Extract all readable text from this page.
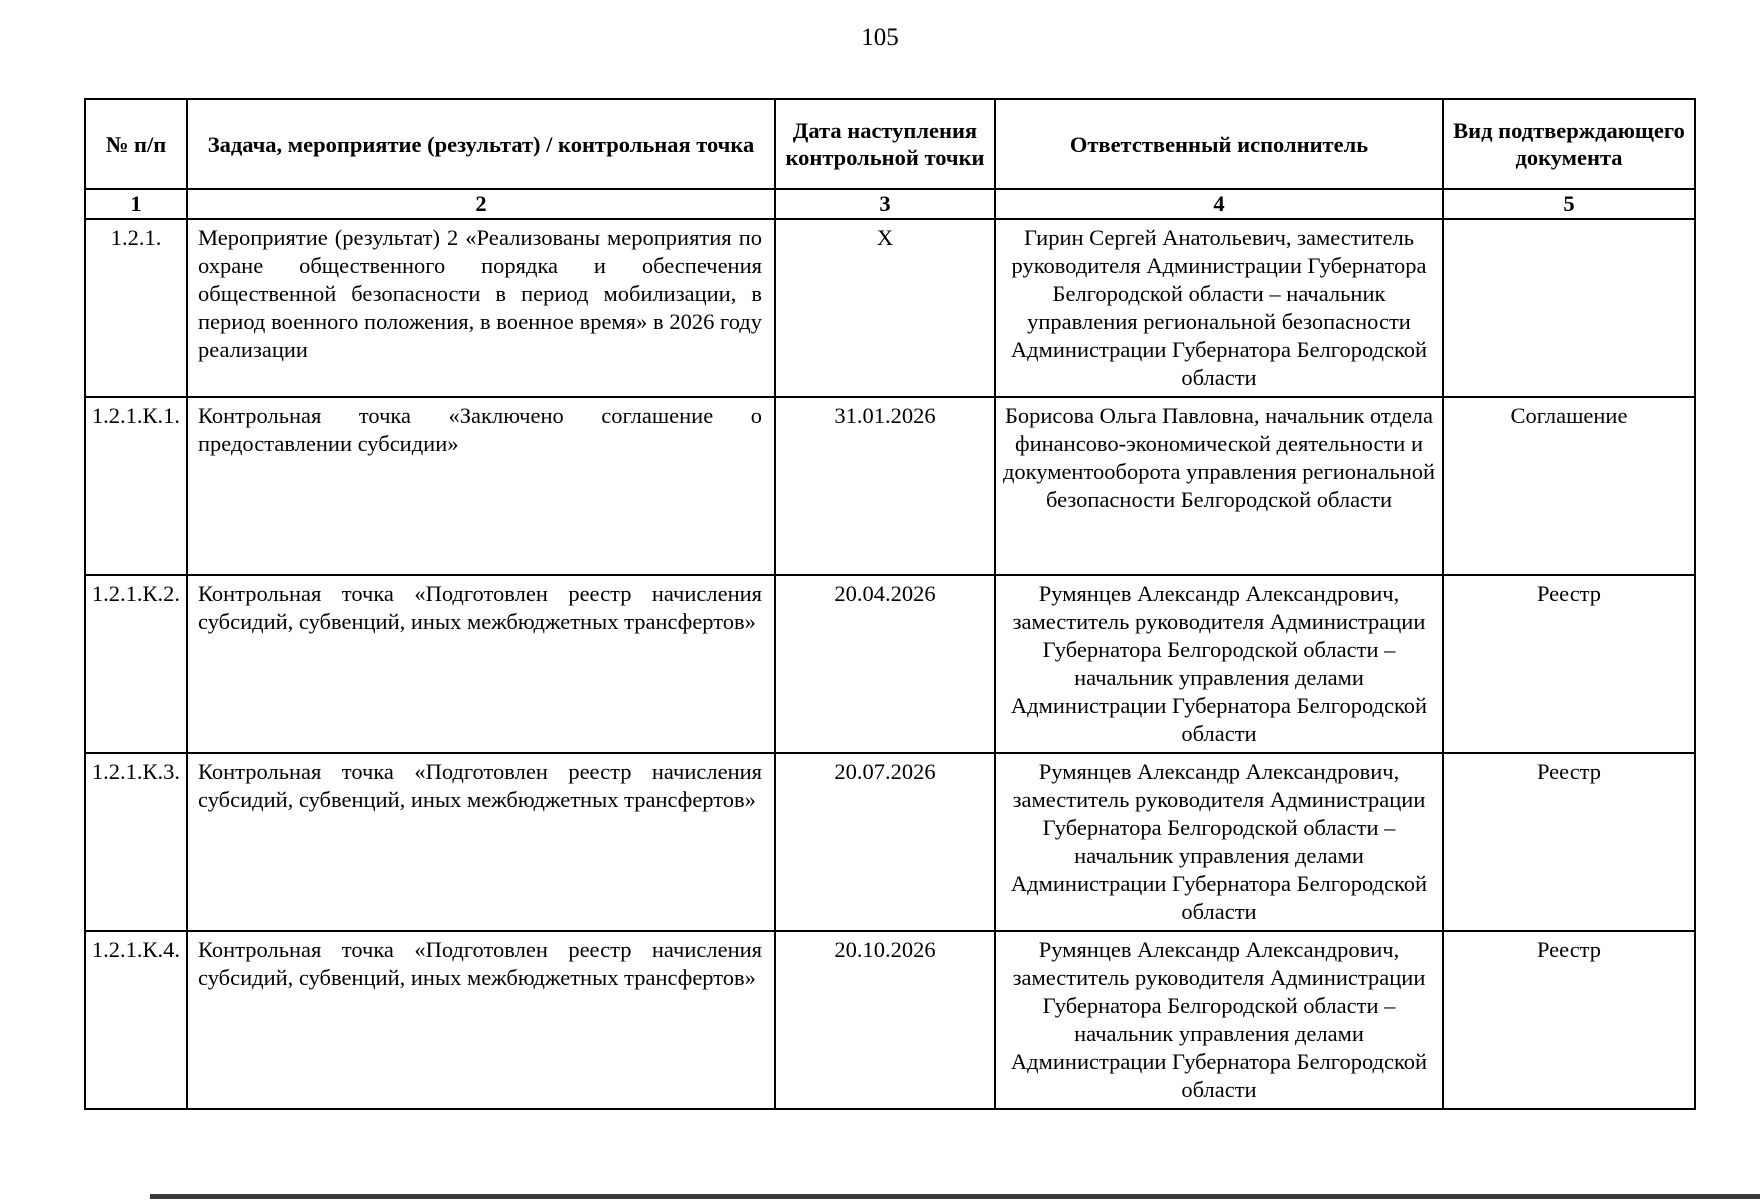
105
№ п/п	Задача, мероприятие (результат) / контрольная точка	Дата наступления контрольной точки	Ответственный исполнитель	Вид подтверждающего документа
1	2	3	4	5
1.2.1.	Мероприятие (результат) 2 «Реализованы мероприятия по охране общественного порядка и обеспечения общественной безопасности в период мобилизации, в период военного положения, в военное время» в 2026 году реализации	Х	Гирин Сергей Анатольевич, заместитель руководителя Администрации Губернатора Белгородской области – начальник управления региональной безопасности Администрации Губернатора Белгородской области	
1.2.1.К.1.	Контрольная точка «Заключено соглашение о предоставлении субсидии»	31.01.2026	Борисова Ольга Павловна, начальник отдела финансово-экономической деятельности и документооборота управления региональной безопасности Белгородской области	Соглашение
1.2.1.К.2.	Контрольная точка «Подготовлен реестр начисления субсидий, субвенций, иных межбюджетных трансфертов»	20.04.2026	Румянцев Александр Александрович, заместитель руководителя Администрации Губернатора Белгородской области – начальник управления делами Администрации Губернатора Белгородской области	Реестр
1.2.1.К.3.	Контрольная точка «Подготовлен реестр начисления субсидий, субвенций, иных межбюджетных трансфертов»	20.07.2026	Румянцев Александр Александрович, заместитель руководителя Администрации Губернатора Белгородской области – начальник управления делами Администрации Губернатора Белгородской области	Реестр
1.2.1.К.4.	Контрольная точка «Подготовлен реестр начисления субсидий, субвенций, иных межбюджетных трансфертов»	20.10.2026	Румянцев Александр Александрович, заместитель руководителя Администрации Губернатора Белгородской области – начальник управления делами Администрации Губернатора Белгородской области	Реестр
